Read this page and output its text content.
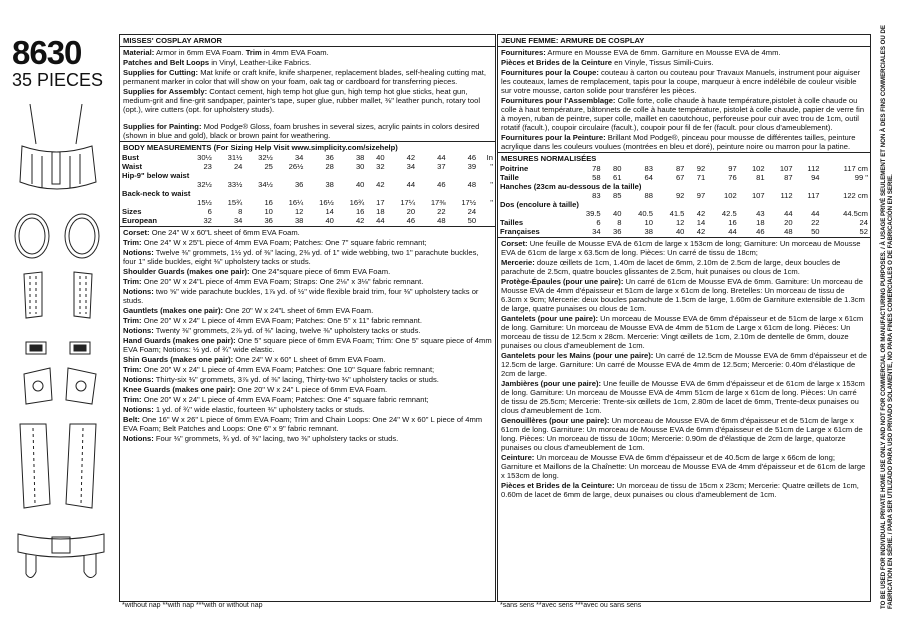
8630
35 PIECES
MISSES' COSPLAY ARMOR

Material: Armor in 6mm EVA Foam. Trim in 4mm EVA Foam.

Patches and Belt Loops in Vinyl, Leather-Like Fabrics.

Supplies for Cutting: Mat knife or craft knife, knife sharpener, replacement blades, self-healing cutting mat, permanent marker in color that will show on your foam, oak tag or cardboard for transferring pieces.

Supplies for Assembly: Contact cement, high temp hot glue gun, high temp hot glue sticks, heat gun, medium-grit and fine-grit sandpaper, painter's tape, super glue, rubber mallet, ⅜" leather punch, rotary tool (opt.), wire cutters (opt. for upholstery studs).

Supplies for Painting: Mod Podge® Gloss, foam brushes in several sizes, acrylic paints in colors desired (shown in blue and gold), black or brown paint for weathering.

BODY MEASUREMENTS (For Sizing Help Visit www.simplicity.com/sizehelp)
Bust	30½	31½	32½	34	36	38	40	42	44	46	In
Waist	23	24	25	26½	28	30	32	34	37	39	"
Hip-9" below waist											
	32½	33½	34½	36	38	40	42	44	46	48	"
Back-neck to waist											
	15½	15¾	16	16¼	16½	16¾	17	17¼	17⅜	17½	"
Sizes	6	8	10	12	14	16	18	20	22	24	
European	32	34	36	38	40	42	44	46	48	50	

Corset: One 24" W x 60"L sheet of 6mm EVA Foam.

Trim: One 24" W x 25"L piece of 4mm EVA Foam; Patches: One 7" square fabric remnant;

Notions: Twelve ⅜" grommets, 1½ yd. of ⅜" lacing, 2⅜ yd. of 1" wide webbing, two 1" parachute buckles, four 1" slide buckles, eight ⅜" upholstery tacks or studs.

Shoulder Guards (makes one pair): One 24"square piece of 6mm EVA Foam.

Trim: One 20" W x 24"L piece of 4mm EVA Foam; Straps: One 2⅛" x 3⅛" fabric remnant.

Notions: two ⅝" wide parachute buckles, 1⅞ yd. of ½" wide flexible braid trim, four ⅜" upholstery tacks or studs.

Gauntlets (makes one pair): One 20" W x 24"L sheet of 6mm EVA Foam.

Trim: One 20" W x 24" L piece of 4mm EVA Foam; Patches: One 5" x 11" fabric remnant.

Notions: Twenty ⅜" grommets, 2⅞ yd. of ⅜" lacing, twelve ⅜" upholstery tacks or studs.

Hand Guards (makes one pair): One 5" square piece of 6mm EVA Foam; Trim: One 5" square piece of 4mm EVA Foam; Notions: ½ yd. of ¾" wide elastic.

Shin Guards (makes one pair): One 24" W x 60" L sheet of 6mm EVA Foam.

Trim: One 20" W x 24" L piece of 4mm EVA Foam; Patches: One 10" Square fabric remnant;

Notions: Thirty-six ⅜" grommets, 3⅞ yd. of ⅜" lacing, Thirty-two ⅜" upholstery tacks or studs.

Knee Guards (makes one pair): One 20" W x 24" L piece of 6mm EVA Foam.

Trim: One 20" W x 24" L piece of 4mm EVA Foam; Patches: One 4" square fabric remnant;

Notions: 1 yd. of ¾" wide elastic, fourteen ⅜" upholstery tacks or studs.

Belt: One 16" W x 26" L piece of 6mm EVA Foam; Trim and Chain Loops: One 24" W x 60" L piece of 4mm EVA Foam; Belt Patches and Loops: One 6" x 9" fabric remnant.

Notions: Four ⅜" grommets, ¾ yd. of ⅜" lacing, two ⅜" upholstery tacks or studs.

*without nap **with nap ***with or without nap
JEUNE FEMME: ARMURE DE COSPLAY

Fournitures: Armure en Mousse EVA de 6mm. Garniture en Mousse EVA de 4mm.

Pièces et Brides de la Ceinture en Vinyle, Tissus Simili-Cuirs.

Fournitures pour la Coupe: couteau à carton ou couteau pour Travaux Manuels, instrument pour aiguiser les couteaux, lames de remplacement, tapis pour la coupe, marqueur à encre indélébile de couleur visible sur votre mousse, carton solide pour transférer les pièces.

Fournitures pour l'Assemblage: Colle forte, colle chaude à haute température,pistolet à colle chaude ou colle à haut température, bâtonnets de colle à haute température, pistolet à colle chaude, papier de verre fin à moyen, ruban de peintre, super colle, maillet en caoutchouc, perforeuse pour cuir avec trou de 1cm, outil rotatif (facult.), coupoir circulaire (facult.), coupoir pour fil de fer (facult. pour clous d'ameublement).

Fournitures pour la Peinture: Brillant Mod Podge®, pinceau pour mousse de différentes tailles, peinture acrylique dans les couleurs voulues (montrées en bleu et doré), peinture noire ou marron pour la patine.

MESURES NORMALISÉES
Poitrine	78	80	83	87	92	97	102	107	112	117 cm
Taille	58	61	64	67	71	76	81	87	94	99 "
Hanches (23cm au-dessous de la taille)										
	83	85	88	92	97	102	107	112	117	122 cm
Dos (encolure à taille)										
	39.5	40	40.5	41.5	42	42.5	43	44	44	44.5cm
Tailles	6	8	10	12	14	16	18	20	22	24
Françaises	34	36	38	40	42	44	46	48	50	52

Corset: Une feuille de Mousse EVA de 61cm de large x 153cm de long; Garniture: Un morceau de Mousse EVA de 61cm de large x 63.5cm de long. Pièces: Un carré de tissu de 18cm;

Mercerie: douze œillets de 1cm, 1.40m de lacet de 6mm, 2.10m de 2.5cm de large, deux boucles de parachute de 2.5cm, quatre boucles glissantes de 2.5cm, huit punaises ou clous de 1cm.

Protège-Épaules (pour une paire): Un carré de 61cm de Mousse EVA de 6mm. Garniture: Un morceau de Mousse EVA de 4mm d'épaisseur et 51cm de large x 61cm de long. Bretelles: Un morceau de tissu de 6.3cm x 9cm; Mercerie: deux boucles parachute de 1.5cm de large, 1.60m de Garniture extensible de 1.3cm de large, quatre punaises ou clous de 1cm.

Gantelets (pour une paire): Un morceau de Mousse EVA de 6mm d'épaisseur et de 51cm de large x 61cm de long. Garniture: Un morceau de Mousse EVA de 4mm de 51cm de Large x 61cm de long. Pièces: Un morceau de tissu de 12.5cm x 28cm. Mercerie: Vingt œillets de 1cm, 2.10m de dentelle de 6mm, douze punaises ou clous d'ameublement de 1cm.

Gantelets pour les Mains (pour une paire): Un carré de 12.5cm de Mousse EVA de 6mm d'épaisseur et de 12.5cm de large. Garniture: Un carré de Mousse EVA de 4mm de 12.5cm; Mercerie: 0.40m d'élastique de 2cm de large.

Jambières (pour une paire): Une feuille de Mousse EVA de 6mm d'épaisseur et de 61cm de large x 153cm de long. Garniture: Un morceau de Mousse EVA de 4mm 51cm de large x 61cm de long. Pièces: Un carré de tissu de 25.5cm; Mercerie: Trente-six œillets de 1cm, 2.80m de lacet de 6mm, Trente-deux punaises ou clous d'ameublement de 1cm.

Genouillères (pour une paire): Un morceau de Mousse EVA de 6mm d'épaisseur et de 51cm de large x 61cm de long. Garniture: Un morceau de Mousse EVA de 6mm d'épaisseur et de 51cm de Large x 61cm de long. Pièces: Un morceau de tissu de 10cm; Mercerie: 0.90m de d'élastique de 2cm de large, quatorze punaises ou clous d'ameublement de 1cm.

Ceinture: Un morceau de Mousse EVA de 6mm d'épaisseur et de 40.5cm de large x 66cm de long; Garniture et Maillons de la Chaînette: Un morceau de Mousse EVA de 4mm d'épaisseur et de 61cm de large x 153cm de long.

Pièces et Brides de la Ceinture: Un morceau de tissu de 15cm x 23cm; Mercerie: Quatre œillets de 1cm, 0.60m de lacet de 6mm de large, deux punaises ou clous d'ameublement de 1cm.

*sans sens **avec sens ***avec ou sans sens	TO BE USED FOR INDIVIDUAL PRIVATE HOME USE ONLY AND NOT FOR COMMERCIAL OR MANUFACTURING PURPOSES. / À USAGE PRIVÉ SEULEMENT ET NON À DES FINS COMMERCIALES OU DE FABRICATION EN SÉRIE. / PARA SER UTILIZADO PARA USO PRIVADO SOLAMENTE, NO PARA FINES COMERCIALES O DE FABRICACIÓN EN SERIE.
